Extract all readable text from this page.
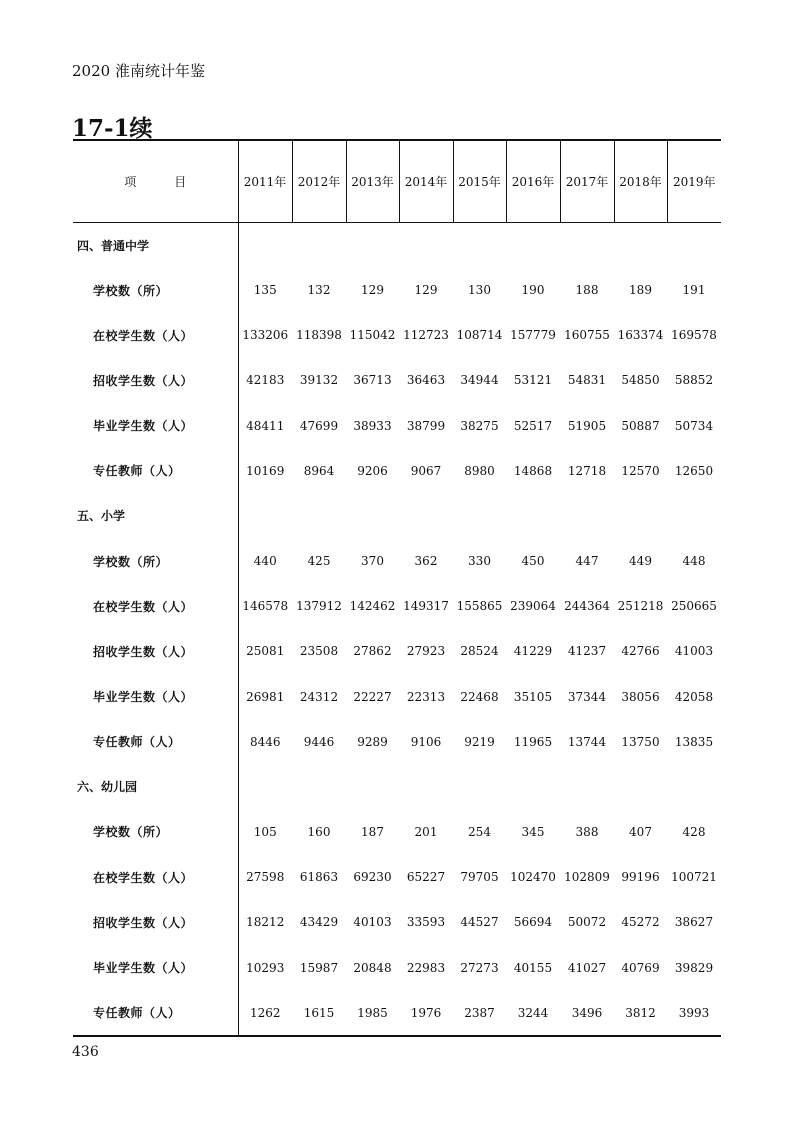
2020 淮南统计年鉴
17-1续
项 目	2011年	2012年	2013年	2014年	2015年	2016年	2017年	2018年	2019年
四、普通中学									
学校数（所）	135	132	129	129	130	190	188	189	191
在校学生数（人）	133206	118398	115042	112723	108714	157779	160755	163374	169578
招收学生数（人）	42183	39132	36713	36463	34944	53121	54831	54850	58852
毕业学生数（人）	48411	47699	38933	38799	38275	52517	51905	50887	50734
专任教师（人）	10169	8964	9206	9067	8980	14868	12718	12570	12650
五、小学									
学校数（所）	440	425	370	362	330	450	447	449	448
在校学生数（人）	146578	137912	142462	149317	155865	239064	244364	251218	250665
招收学生数（人）	25081	23508	27862	27923	28524	41229	41237	42766	41003
毕业学生数（人）	26981	24312	22227	22313	22468	35105	37344	38056	42058
专任教师（人）	8446	9446	9289	9106	9219	11965	13744	13750	13835
六、幼儿园									
学校数（所）	105	160	187	201	254	345	388	407	428
在校学生数（人）	27598	61863	69230	65227	79705	102470	102809	99196	100721
招收学生数（人）	18212	43429	40103	33593	44527	56694	50072	45272	38627
毕业学生数（人）	10293	15987	20848	22983	27273	40155	41027	40769	39829
专任教师（人）	1262	1615	1985	1976	2387	3244	3496	3812	3993
436
